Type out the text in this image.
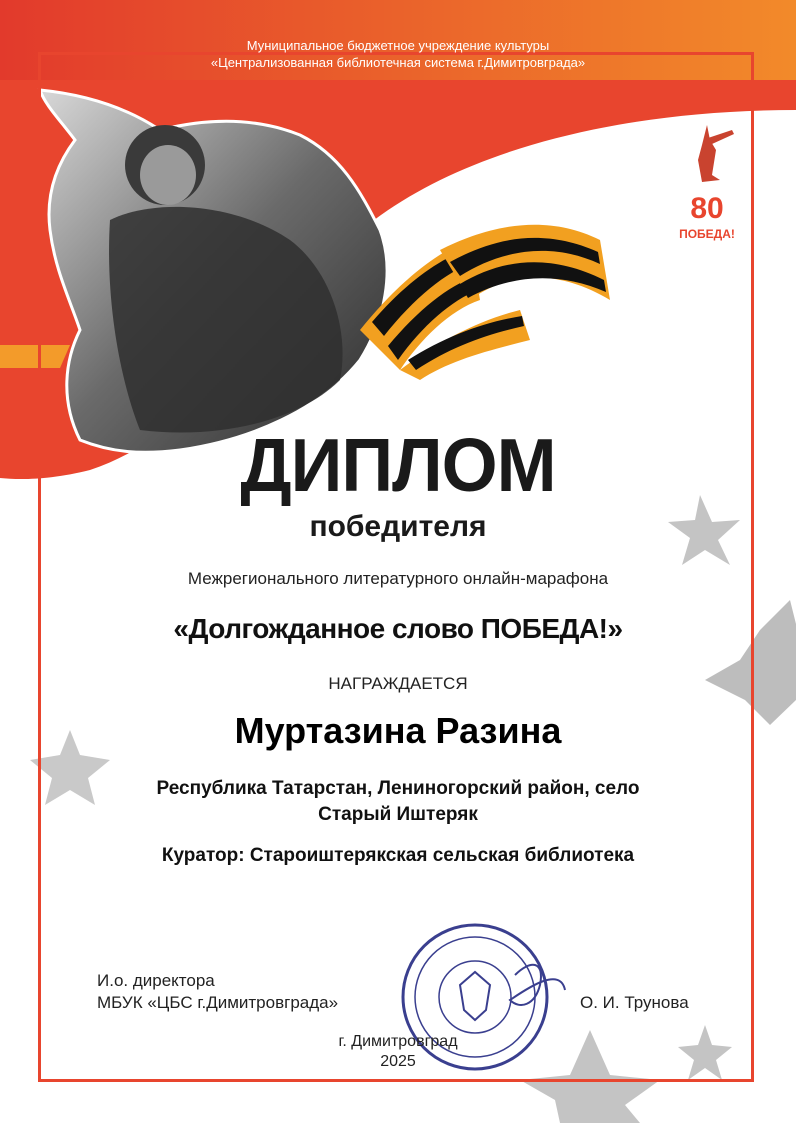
80
ПОБЕДА!
Муниципальное бюджетное учреждение культуры
«Централизованная библиотечная система г.Димитровграда»
ДИПЛОМ
победителя
Межрегионального литературного онлайн-марафона
«Долгожданное слово ПОБЕДА!»
НАГРАЖДАЕТСЯ
Муртазина Разина
Республика Татарстан, Лениногорский район, село
Старый Иштеряк
Куратор: Староиштерякская сельская библиотека
И.о. директора
МБУК «ЦБС г.Димитровграда»	О. И. Трунова
г. Димитровград
2025
